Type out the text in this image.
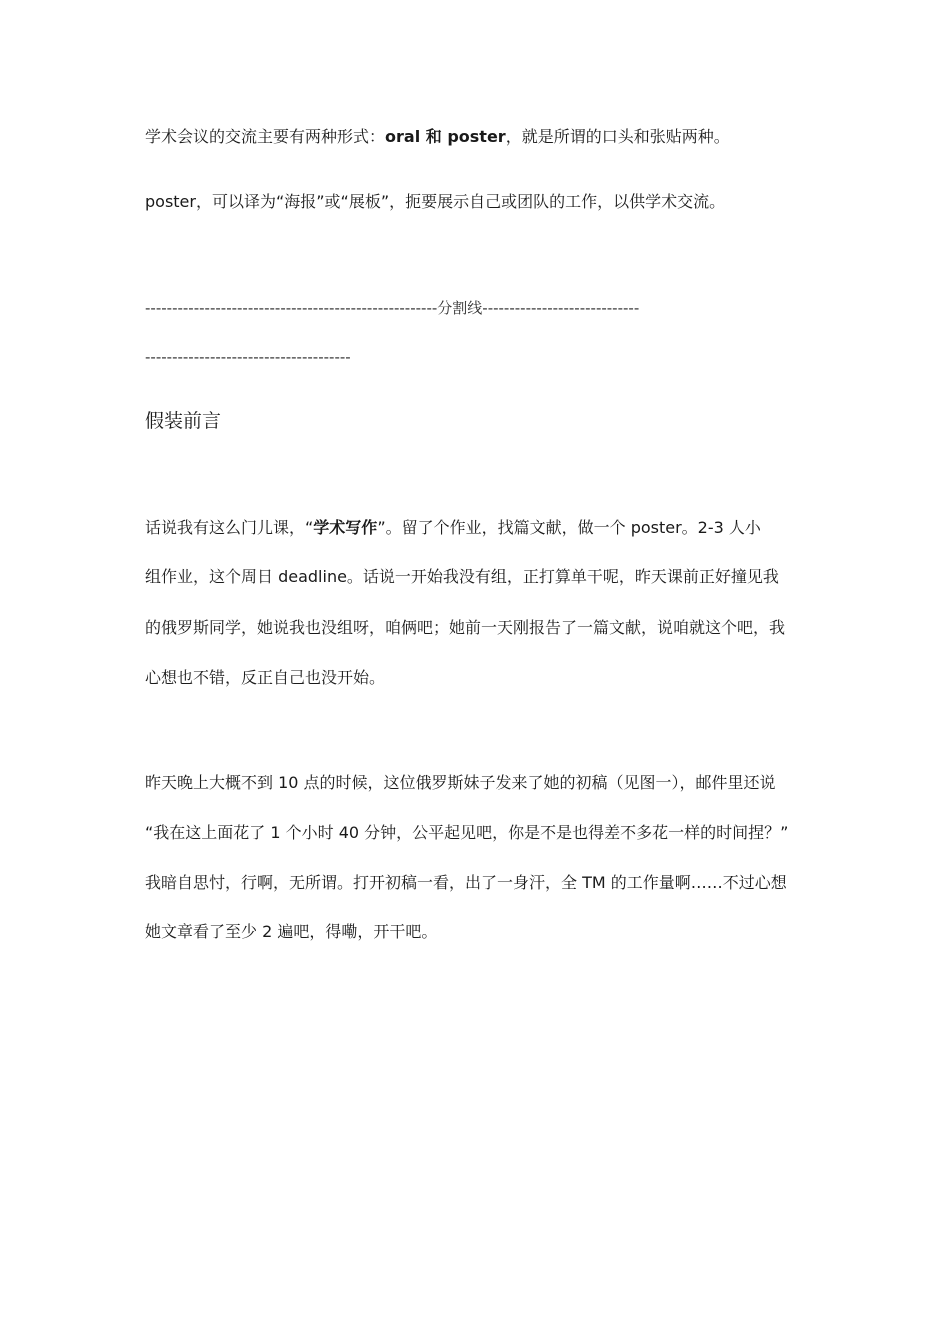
学术会议的交流主要有两种形式：oral 和 poster，就是所谓的口头和张贴两种。
poster，可以译为“海报”或“展板”，扼要展示自己或团队的工作，以供学术交流。
------------------------------------------------------分割线-----------------------------
--------------------------------------
假装前言
话说我有这么门儿课，“学术写作”。留了个作业，找篇文献，做一个 poster。2-3 人小
组作业，这个周日 deadline。话说一开始我没有组，正打算单干呢，昨天课前正好撞见我
的俄罗斯同学，她说我也没组呀，咱俩吧；她前一天刚报告了一篇文献，说咱就这个吧，我
心想也不错，反正自己也没开始。
昨天晚上大概不到 10 点的时候，这位俄罗斯妹子发来了她的初稿（见图一），邮件里还说
“我在这上面花了 1 个小时 40 分钟，公平起见吧，你是不是也得差不多花一样的时间捏？”
我暗自思忖，行啊，无所谓。打开初稿一看，出了一身汗，全 TM 的工作量啊……不过心想
她文章看了至少 2 遍吧，得嘞，开干吧。
